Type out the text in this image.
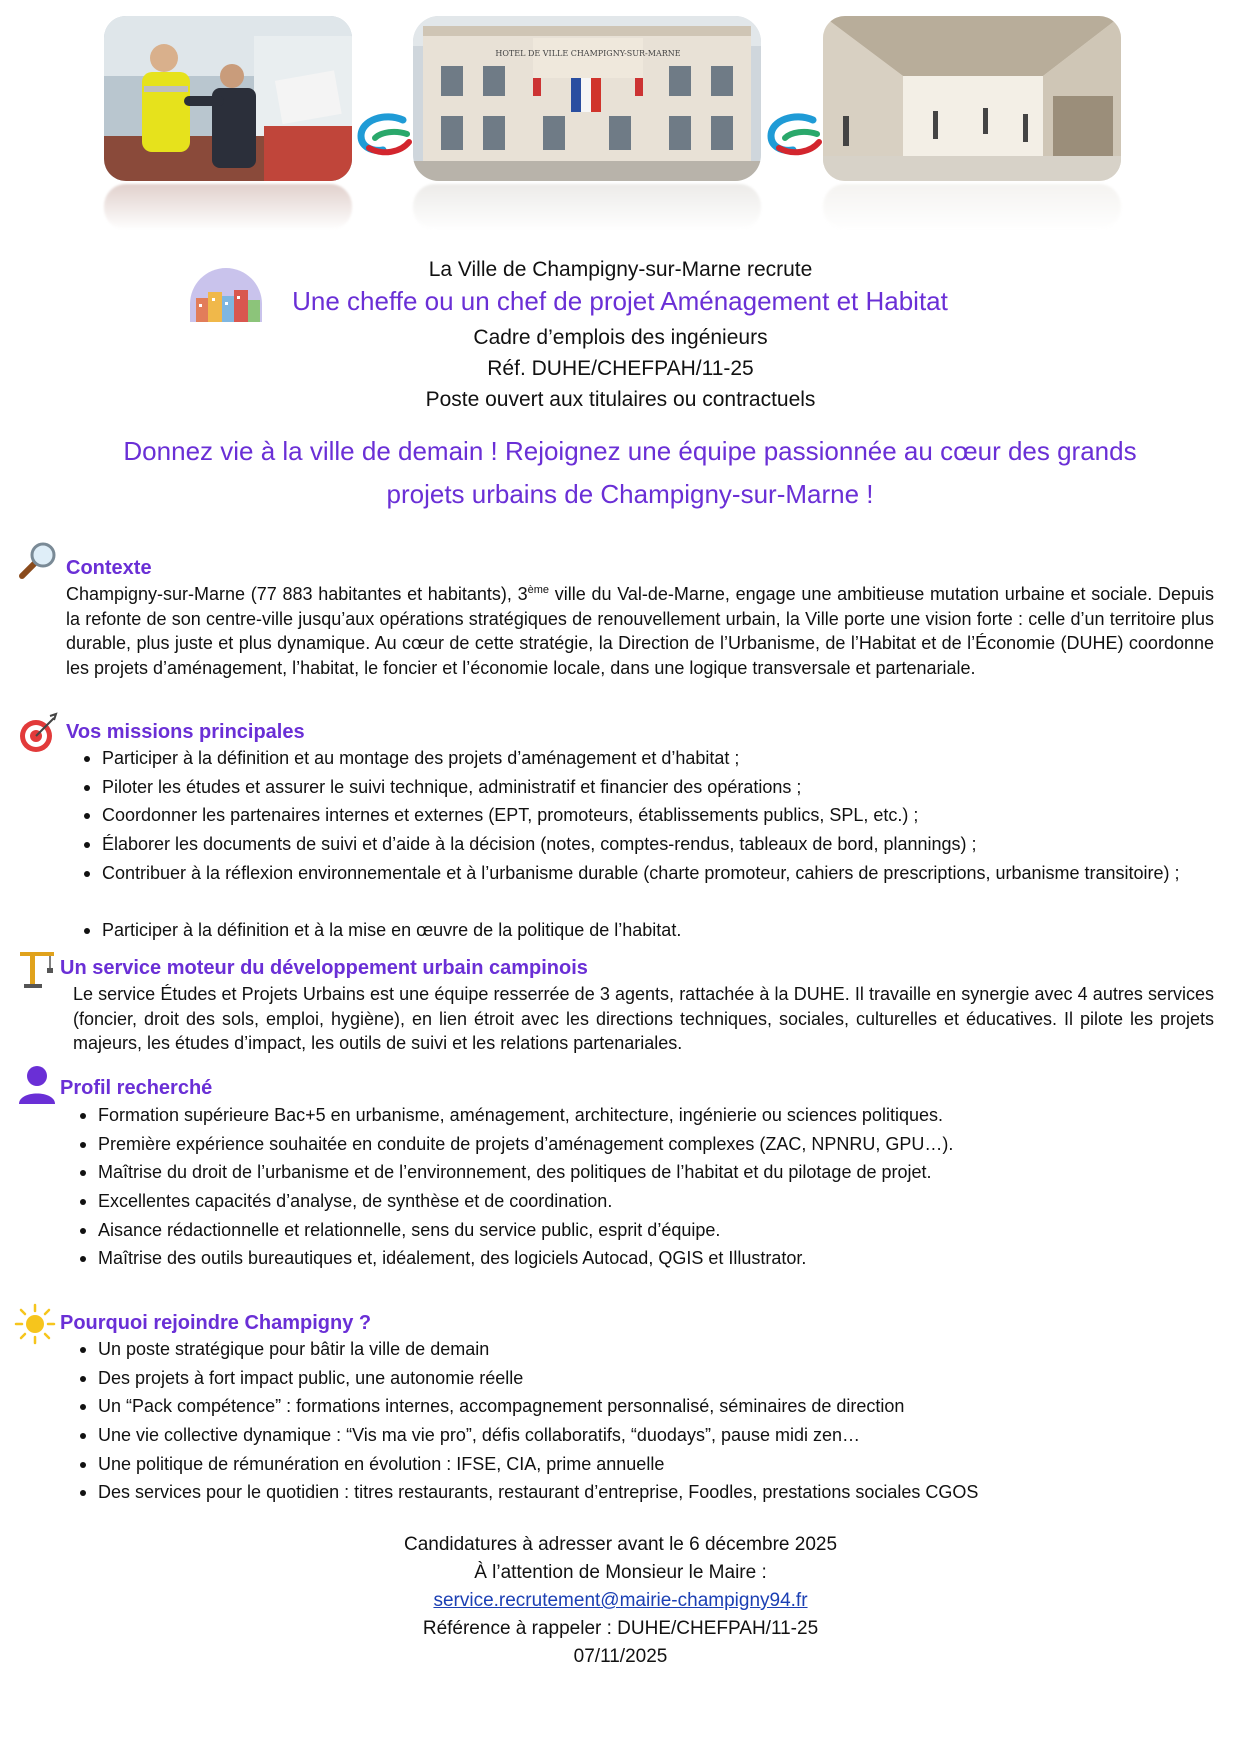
HOTEL DE VILLE CHAMPIGNY-SUR-MARNE
La Ville de Champigny-sur-Marne recrute
Une cheffe ou un chef de projet Aménagement et Habitat
Cadre d’emplois des ingénieurs
Réf. DUHE/CHEFPAH/11-25
Poste ouvert aux titulaires ou contractuels
Donnez vie à la ville de demain ! Rejoignez une équipe passionnée au cœur des grands
projets urbains de Champigny-sur-Marne !
Contexte
Champigny-sur-Marne (77 883 habitantes et habitants), 3ème ville du Val-de-Marne, engage une ambitieuse mutation urbaine et sociale. Depuis la refonte de son centre-ville jusqu’aux opérations stratégiques de renouvellement urbain, la Ville porte une vision forte : celle d’un territoire plus durable, plus juste et plus dynamique. Au cœur de cette stratégie, la Direction de l’Urbanisme, de l’Habitat et de l’Économie (DUHE) coordonne les projets d’aménagement, l’habitat, le foncier et l’économie locale, dans une logique transversale et partenariale.
Vos missions principales
Participer à la définition et au montage des projets d’aménagement et d’habitat ;
Piloter les études et assurer le suivi technique, administratif et financier des opérations ;
Coordonner les partenaires internes et externes (EPT, promoteurs, établissements publics, SPL, etc.) ;
Élaborer les documents de suivi et d’aide à la décision (notes, comptes-rendus, tableaux de bord, plannings) ;
Contribuer à la réflexion environnementale et à l’urbanisme durable (charte promoteur, cahiers de prescriptions, urbanisme transitoire) ;
Participer à la définition et à la mise en œuvre de la politique de l’habitat.
Un service moteur du développement urbain campinois
Le service Études et Projets Urbains est une équipe resserrée de 3 agents, rattachée à la DUHE. Il travaille en synergie avec 4 autres services (foncier, droit des sols, emploi, hygiène), en lien étroit avec les directions techniques, sociales, culturelles et éducatives. Il pilote les projets majeurs, les études d’impact, les outils de suivi et les relations partenariales.
Profil recherché
Formation supérieure Bac+5 en urbanisme, aménagement, architecture, ingénierie ou sciences politiques.
Première expérience souhaitée en conduite de projets d’aménagement complexes (ZAC, NPNRU, GPU…).
Maîtrise du droit de l’urbanisme et de l’environnement, des politiques de l’habitat et du pilotage de projet.
Excellentes capacités d’analyse, de synthèse et de coordination.
Aisance rédactionnelle et relationnelle, sens du service public, esprit d’équipe.
Maîtrise des outils bureautiques et, idéalement, des logiciels Autocad, QGIS et Illustrator.
Pourquoi rejoindre Champigny ?
Un poste stratégique pour bâtir la ville de demain
Des projets à fort impact public, une autonomie réelle
Un “Pack compétence” : formations internes, accompagnement personnalisé, séminaires de direction
Une vie collective dynamique : “Vis ma vie pro”, défis collaboratifs, “duodays”, pause midi zen…
Une politique de rémunération en évolution : IFSE, CIA, prime annuelle
Des services pour le quotidien : titres restaurants, restaurant d’entreprise, Foodles, prestations sociales CGOS
Candidatures à adresser avant le 6 décembre 2025
À l’attention de Monsieur le Maire :
service.recrutement@mairie-champigny94.fr
Référence à rappeler : DUHE/CHEFPAH/11-25
07/11/2025
